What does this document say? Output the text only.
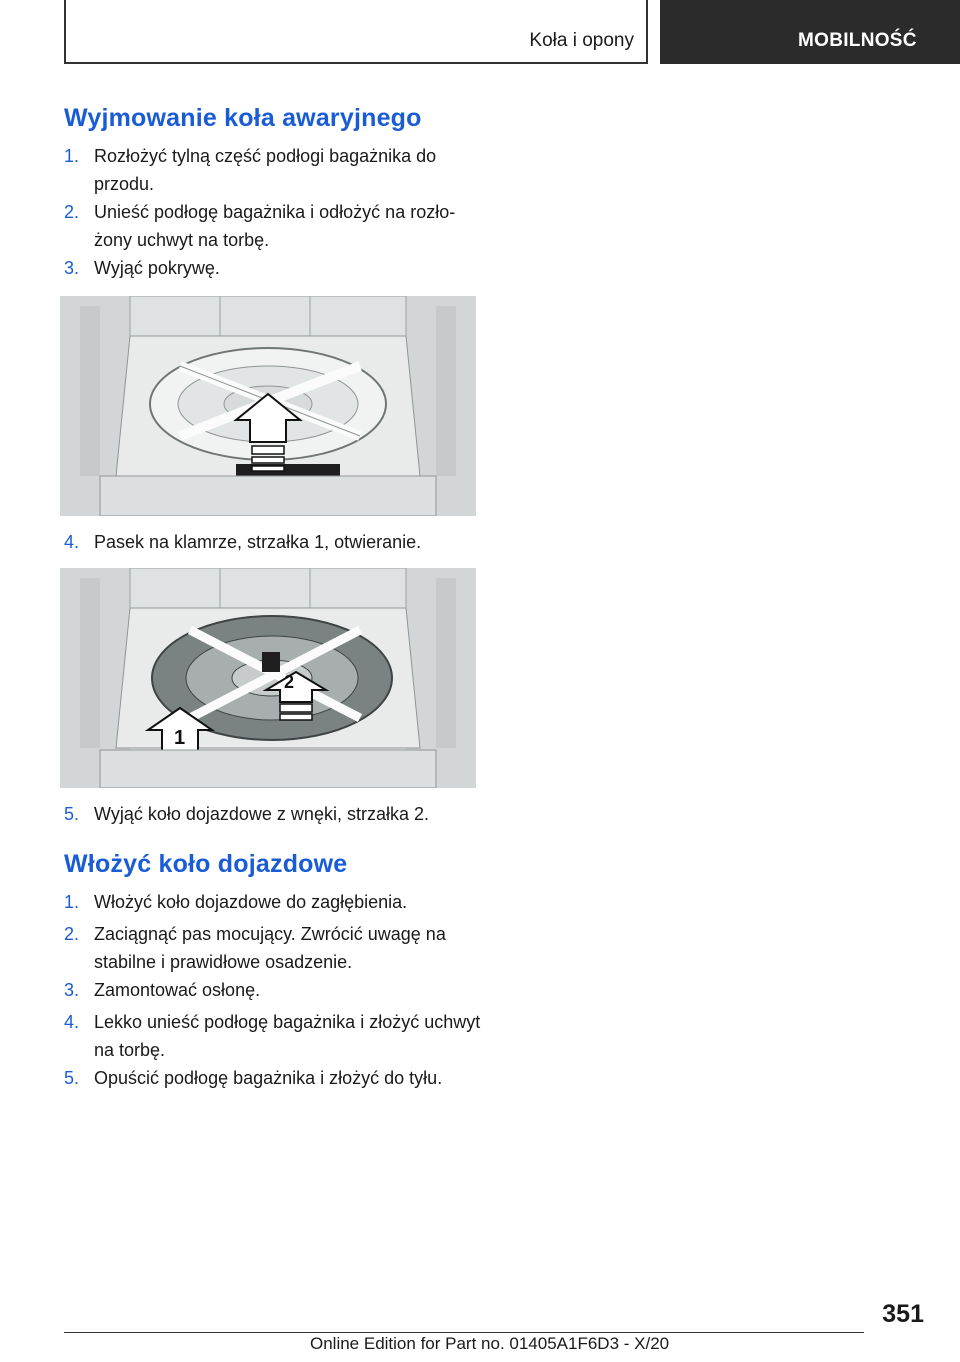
Koła i opony	MOBILNOŚĆ
Wyjmowanie koła awaryjnego
1. Rozłożyć tylną część podłogi bagażnika do przodu.
2. Unieść podłogę bagażnika i odłożyć na rozłożony uchwyt na torbę.
3. Wyjąć pokrywę.
4. Pasek na klamrze, strzałka 1, otwieranie.
2
1
5. Wyjąć koło dojazdowe z wnęki, strzałka 2.
Włożyć koło dojazdowe
1. Włożyć koło dojazdowe do zagłębienia.
2. Zaciągnąć pas mocujący. Zwrócić uwagę na stabilne i prawidłowe osadzenie.
3. Zamontować osłonę.
4. Lekko unieść podłogę bagażnika i złożyć uchwyt na torbę.
5. Opuścić podłogę bagażnika i złożyć do tyłu.
351
Online Edition for Part no. 01405A1F6D3 - X/20
